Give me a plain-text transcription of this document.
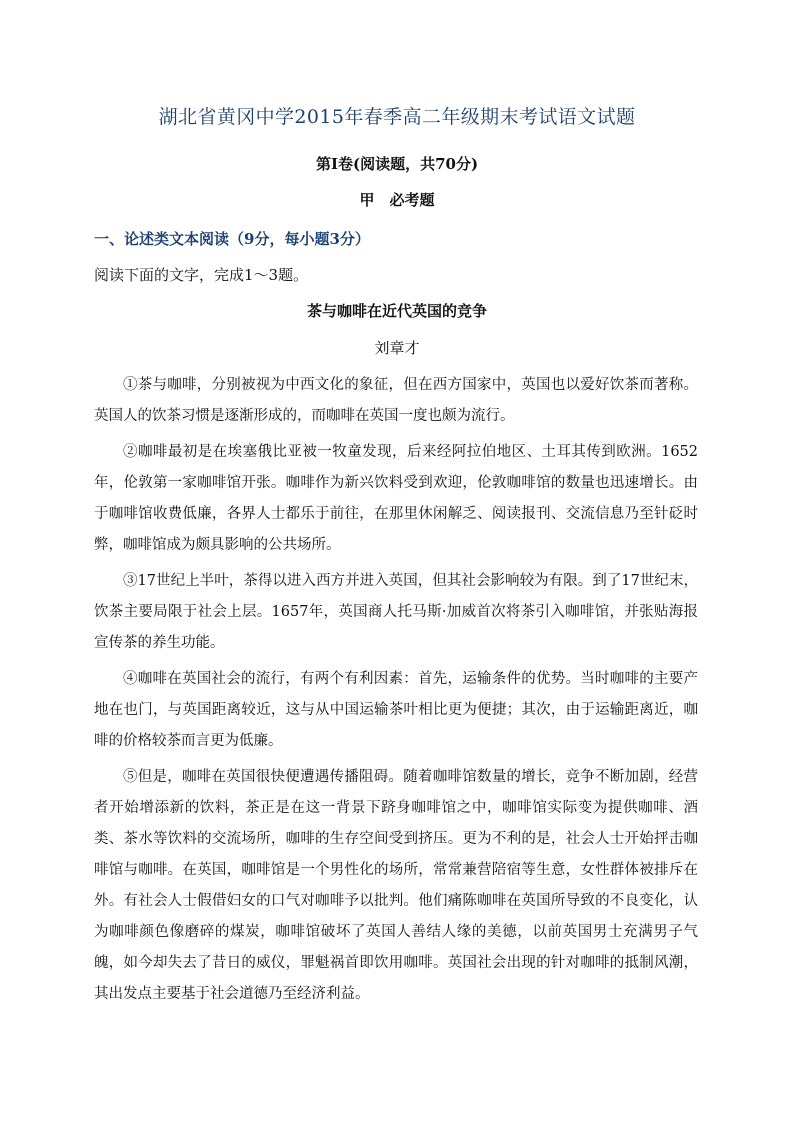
湖北省黄冈中学2015年春季高二年级期末考试语文试题
第Ⅰ卷(阅读题，共70分)
甲　必考题
一、论述类文本阅读（9分，每小题3分）
阅读下面的文字，完成1～3题。
茶与咖啡在近代英国的竞争
刘章才

①茶与咖啡，分别被视为中西文化的象征，但在西方国家中，英国也以爱好饮茶而著称。英国人的饮茶习惯是逐渐形成的，而咖啡在英国一度也颇为流行。

②咖啡最初是在埃塞俄比亚被一牧童发现，后来经阿拉伯地区、土耳其传到欧洲。1652年，伦敦第一家咖啡馆开张。咖啡作为新兴饮料受到欢迎，伦敦咖啡馆的数量也迅速增长。由于咖啡馆收费低廉，各界人士都乐于前往，在那里休闲解乏、阅读报刊、交流信息乃至针砭时弊，咖啡馆成为颇具影响的公共场所。

③17世纪上半叶，茶得以进入西方并进入英国，但其社会影响较为有限。到了17世纪末，饮茶主要局限于社会上层。1657年，英国商人托马斯·加威首次将茶引入咖啡馆，并张贴海报宣传茶的养生功能。

④咖啡在英国社会的流行，有两个有利因素：首先，运输条件的优势。当时咖啡的主要产地在也门，与英国距离较近，这与从中国运输茶叶相比更为便捷；其次，由于运输距离近，咖啡的价格较茶而言更为低廉。

⑤但是，咖啡在英国很快便遭遇传播阻碍。随着咖啡馆数量的增长，竞争不断加剧，经营者开始增添新的饮料，茶正是在这一背景下跻身咖啡馆之中，咖啡馆实际变为提供咖啡、酒类、茶水等饮料的交流场所，咖啡的生存空间受到挤压。更为不利的是，社会人士开始抨击咖啡馆与咖啡。在英国，咖啡馆是一个男性化的场所，常常兼营陪宿等生意，女性群体被排斥在外。有社会人士假借妇女的口气对咖啡予以批判。他们痛陈咖啡在英国所导致的不良变化，认为咖啡颜色像磨碎的煤炭，咖啡馆破坏了英国人善结人缘的美德，以前英国男士充满男子气魄，如今却失去了昔日的威仪，罪魁祸首即饮用咖啡。英国社会出现的针对咖啡的抵制风潮，其出发点主要基于社会道德乃至经济利益。
